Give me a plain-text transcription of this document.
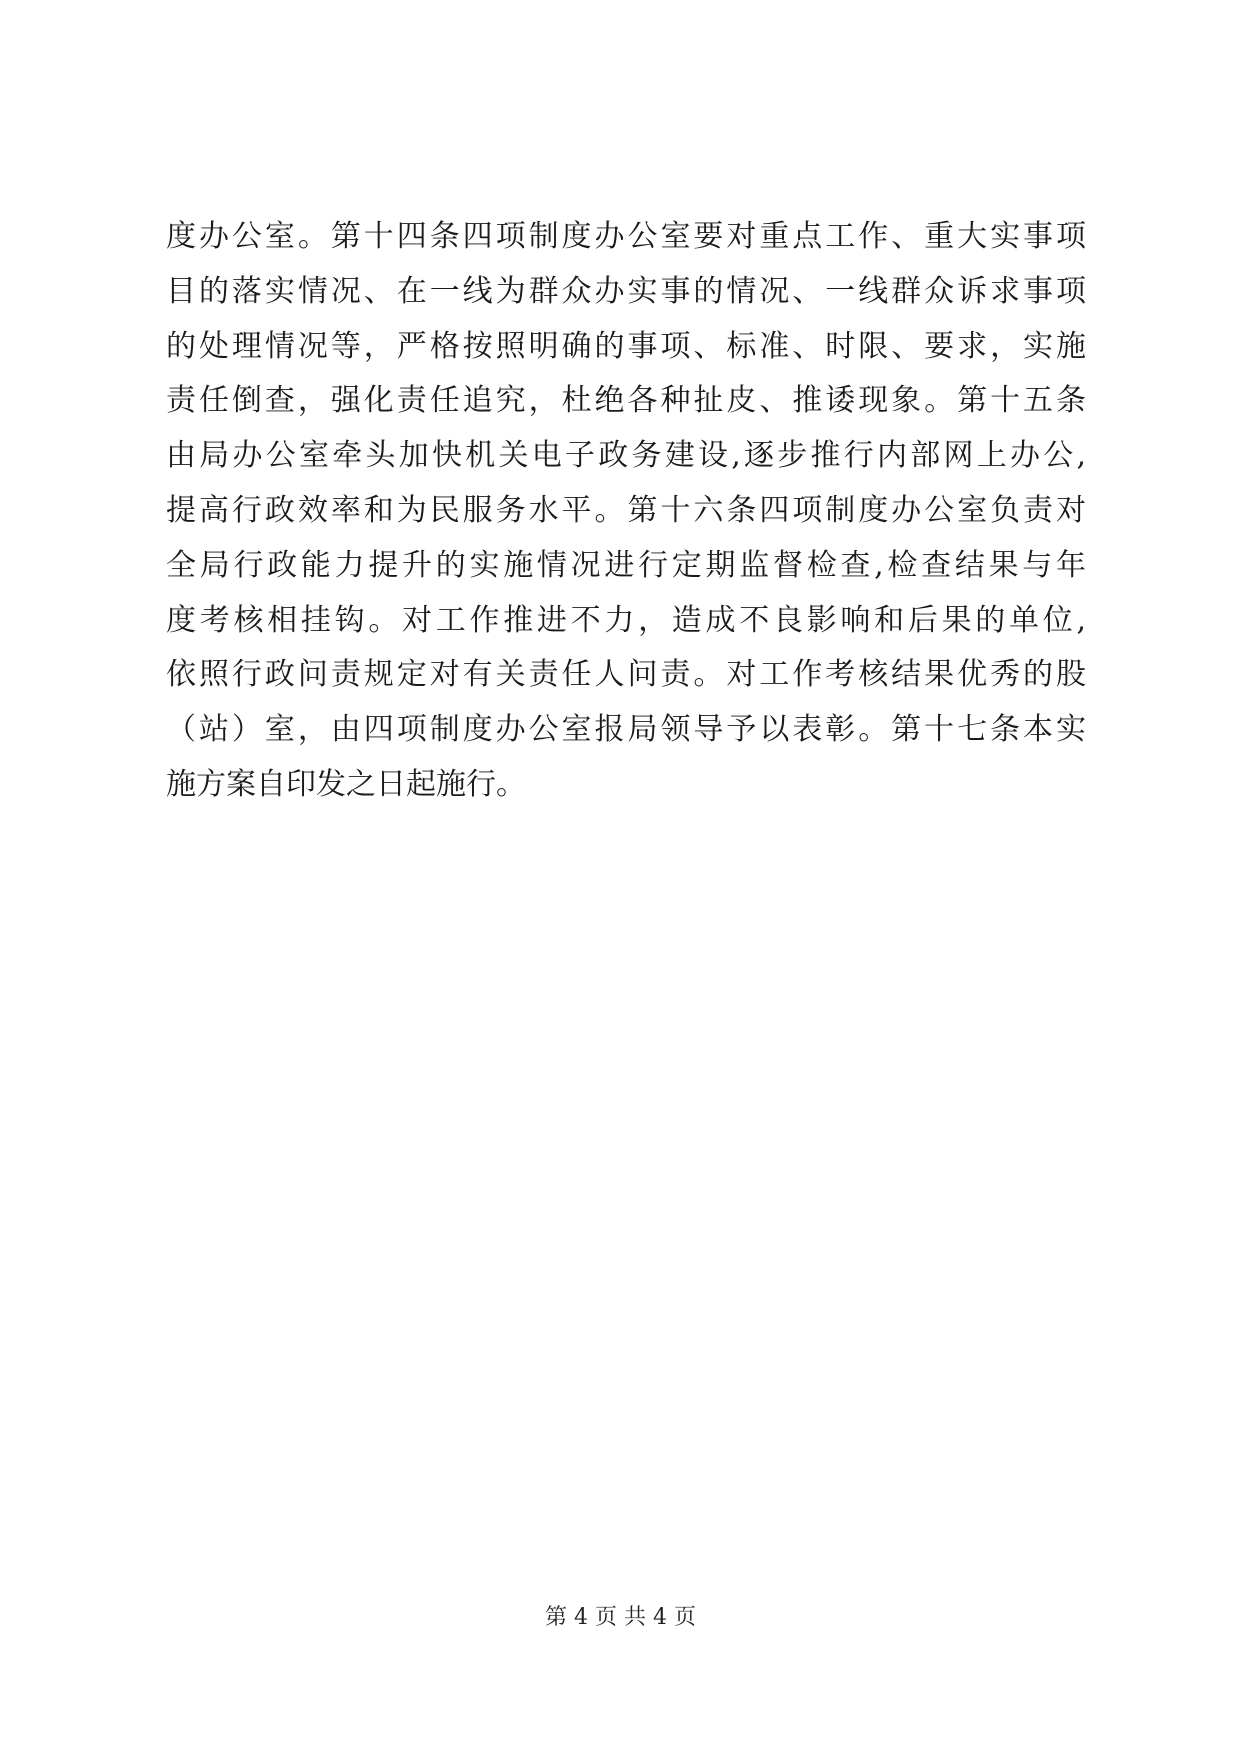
度办公室。第十四条四项制度办公室要对重点工作、重大实事项
目的落实情况、在一线为群众办实事的情况、一线群众诉求事项
的处理情况等，严格按照明确的事项、标准、时限、要求，实施
责任倒查，强化责任追究，杜绝各种扯皮、推诿现象。第十五条
由局办公室牵头加快机关电子政务建设,逐步推行内部网上办公,
提高行政效率和为民服务水平。第十六条四项制度办公室负责对
全局行政能力提升的实施情况进行定期监督检查,检查结果与年
度考核相挂钩。对工作推进不力，造成不良影响和后果的单位,
依照行政问责规定对有关责任人问责。对工作考核结果优秀的股
（站）室，由四项制度办公室报局领导予以表彰。第十七条本实
施方案自印发之日起施行。
第 4 页 共 4 页
